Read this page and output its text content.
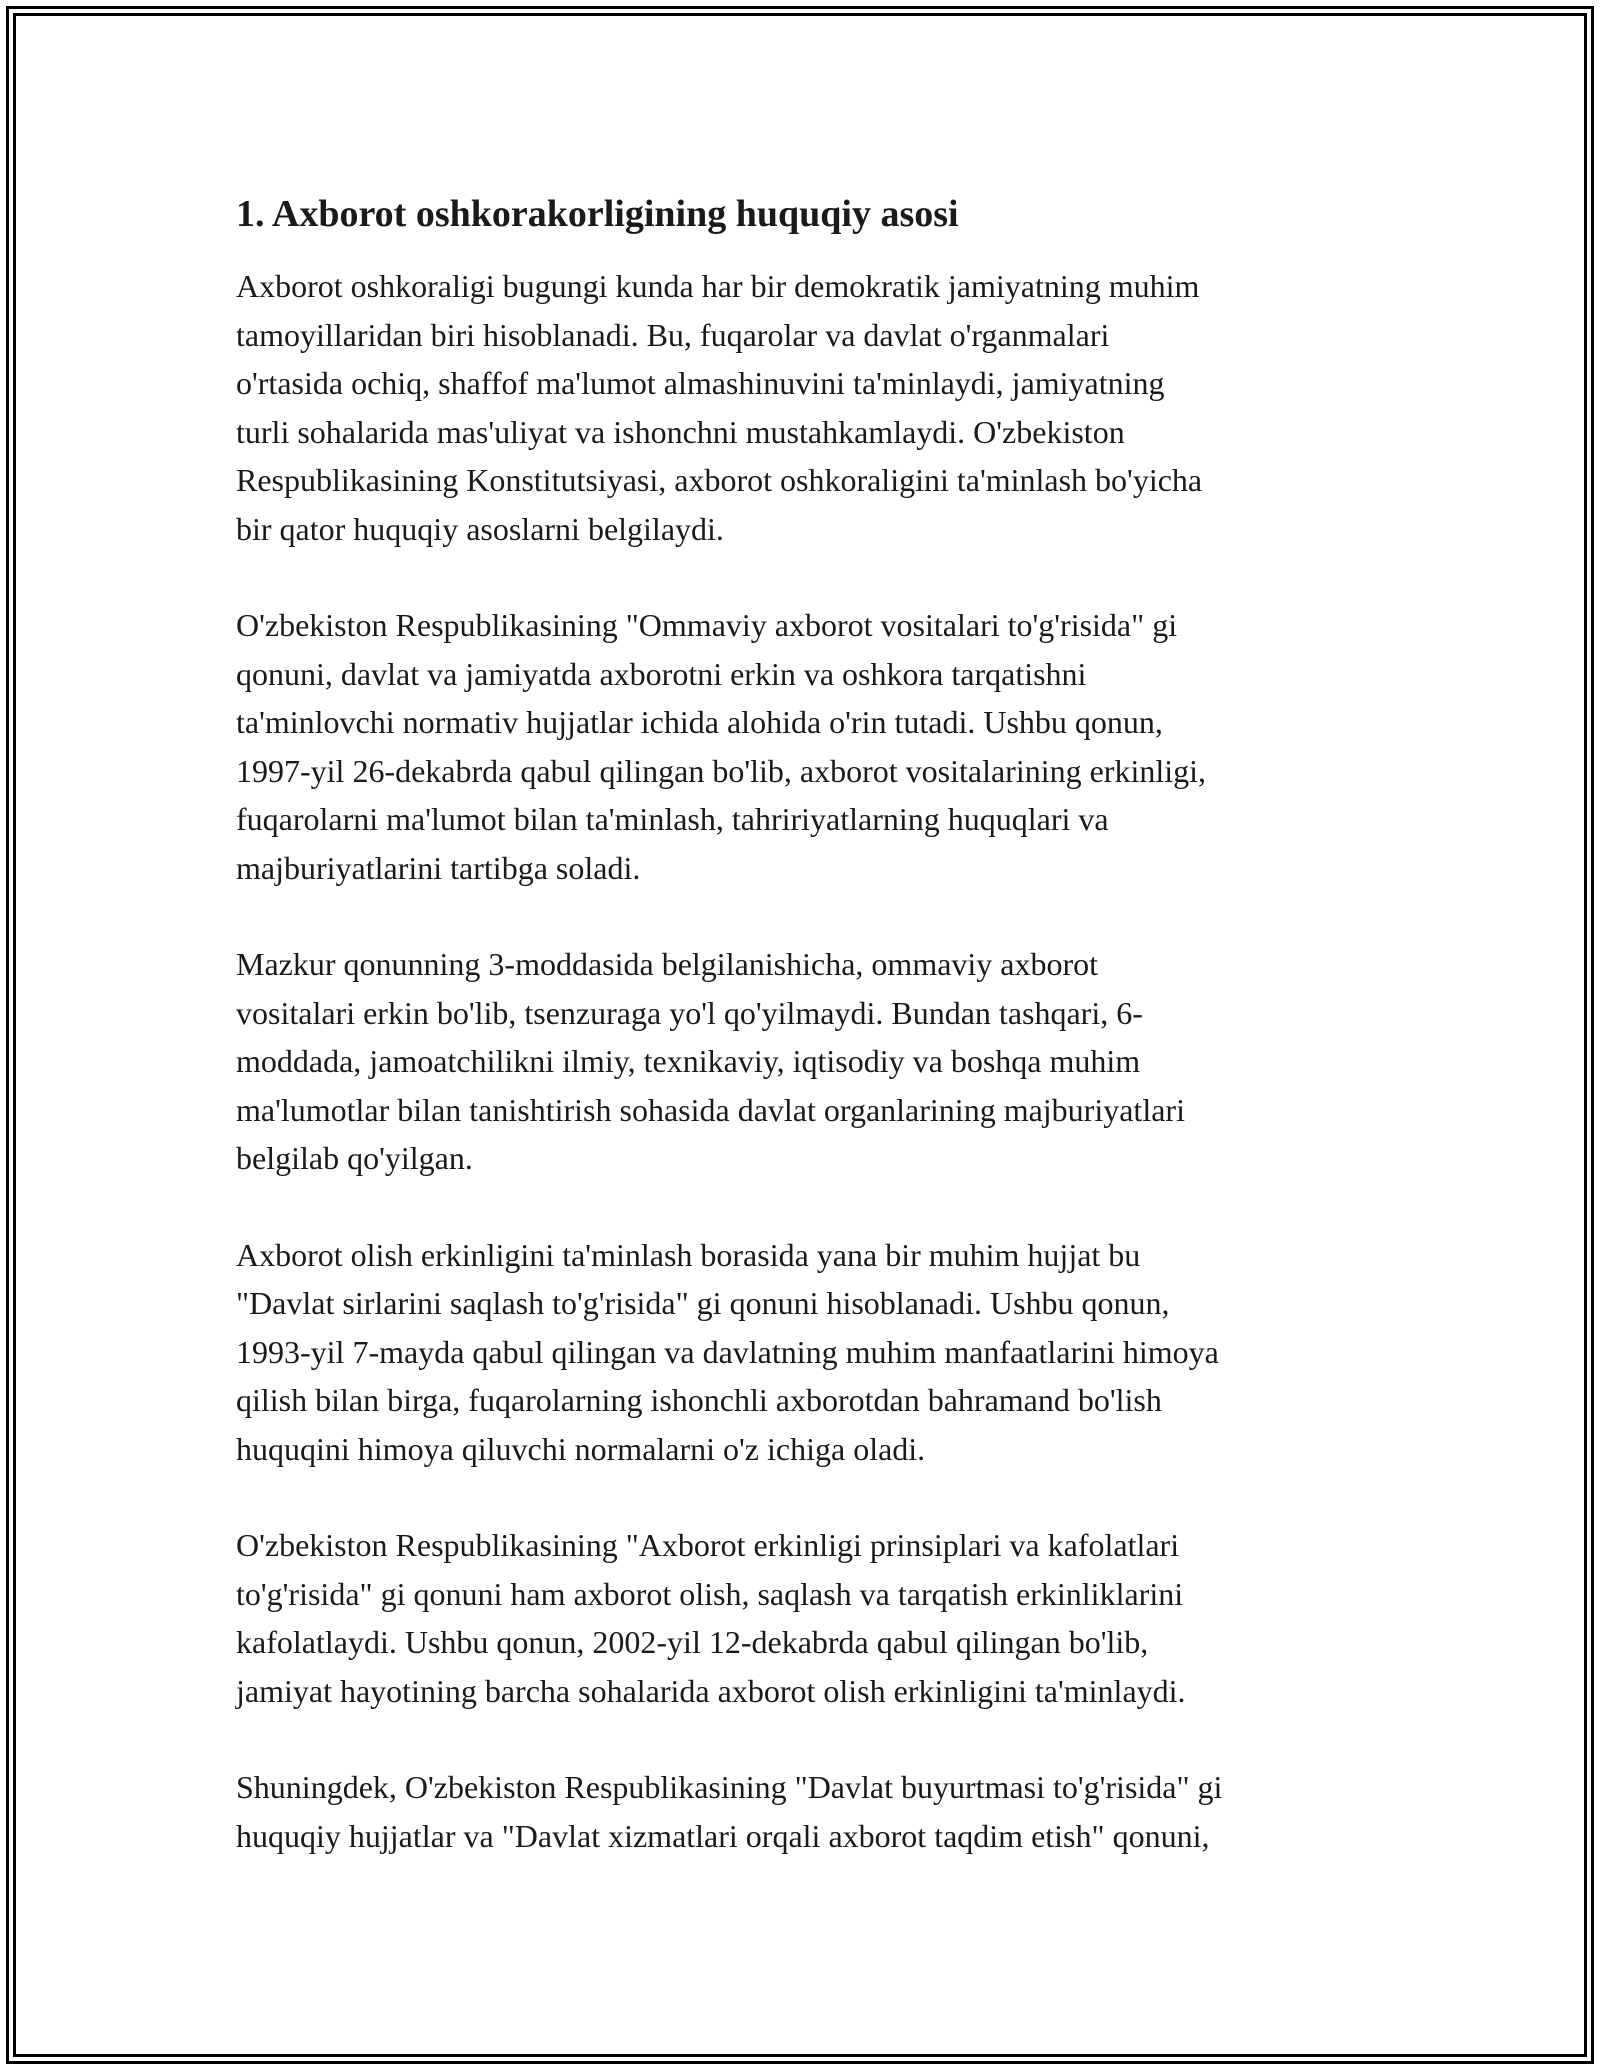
1. Axborot oshkorakorligining huquqiy asosi
Axborot oshkoraligi bugungi kunda har bir demokratik jamiyatning muhim
tamoyillaridan biri hisoblanadi. Bu, fuqarolar va davlat o'rganmalari
o'rtasida ochiq, shaffof ma'lumot almashinuvini ta'minlaydi, jamiyatning
turli sohalarida mas'uliyat va ishonchni mustahkamlaydi. O'zbekiston
Respublikasining Konstitutsiyasi, axborot oshkoraligini ta'minlash bo'yicha
bir qator huquqiy asoslarni belgilaydi.
O'zbekiston Respublikasining "Ommaviy axborot vositalari to'g'risida" gi
qonuni, davlat va jamiyatda axborotni erkin va oshkora tarqatishni
ta'minlovchi normativ hujjatlar ichida alohida o'rin tutadi. Ushbu qonun,
1997-yil 26-dekabrda qabul qilingan bo'lib, axborot vositalarining erkinligi,
fuqarolarni ma'lumot bilan ta'minlash, tahririyatlarning huquqlari va
majburiyatlarini tartibga soladi.
Mazkur qonunning 3-moddasida belgilanishicha, ommaviy axborot
vositalari erkin bo'lib, tsenzuraga yo'l qo'yilmaydi. Bundan tashqari, 6-
moddada, jamoatchilikni ilmiy, texnikaviy, iqtisodiy va boshqa muhim
ma'lumotlar bilan tanishtirish sohasida davlat organlarining majburiyatlari
belgilab qo'yilgan.
Axborot olish erkinligini ta'minlash borasida yana bir muhim hujjat bu
"Davlat sirlarini saqlash to'g'risida" gi qonuni hisoblanadi. Ushbu qonun,
1993-yil 7-mayda qabul qilingan va davlatning muhim manfaatlarini himoya
qilish bilan birga, fuqarolarning ishonchli axborotdan bahramand bo'lish
huquqini himoya qiluvchi normalarni o'z ichiga oladi.
O'zbekiston Respublikasining "Axborot erkinligi prinsiplari va kafolatlari
to'g'risida" gi qonuni ham axborot olish, saqlash va tarqatish erkinliklarini
kafolatlaydi. Ushbu qonun, 2002-yil 12-dekabrda qabul qilingan bo'lib,
jamiyat hayotining barcha sohalarida axborot olish erkinligini ta'minlaydi.
Shuningdek, O'zbekiston Respublikasining "Davlat buyurtmasi to'g'risida" gi
huquqiy hujjatlar va "Davlat xizmatlari orqali axborot taqdim etish" qonuni,
